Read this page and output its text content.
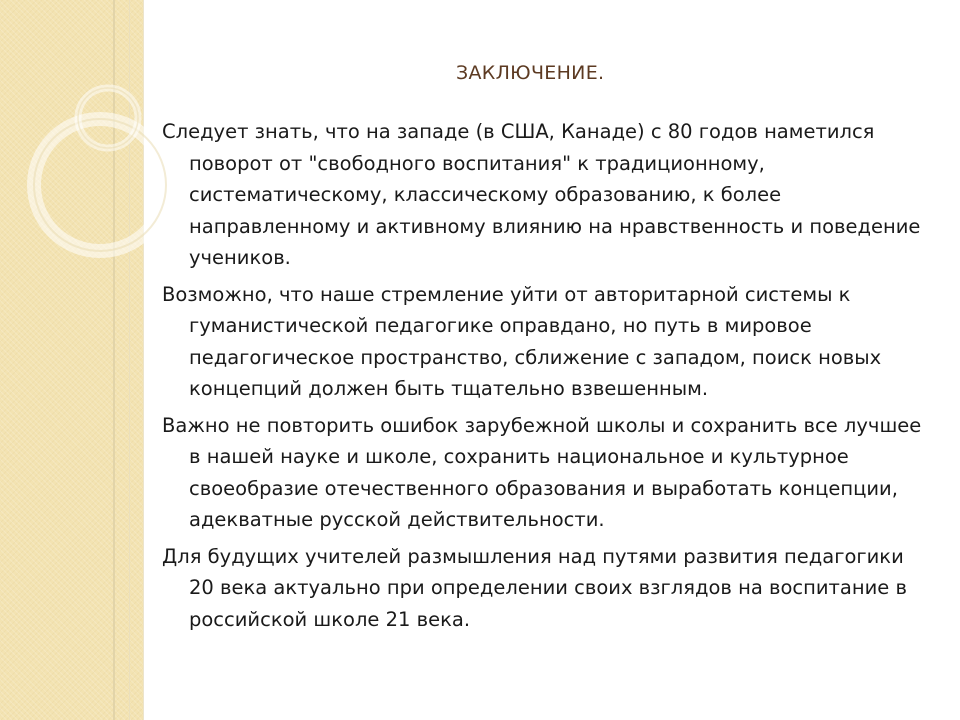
ЗАКЛЮЧЕНИЕ.

Следует знать, что на западе (в США, Канаде) с 80 годов наметился поворот от "свободного воспитания" к традиционному, систематическому, классическому образованию, к более направленному и активному влиянию на нравственность и поведение учеников.

Возможно, что наше стремление уйти от авторитарной системы к гуманистической педагогике оправдано, но путь в мировое педагогическое пространство, сближение с западом, поиск новых концепций должен быть тщательно взвешенным.

Важно не повторить ошибок зарубежной школы и сохранить все лучшее в нашей науке и школе, сохранить национальное и культурное своеобразие отечественного образования и выработать концепции, адекватные русской действительности.

Для будущих учителей размышления над путями развития педагогики 20 века актуально при определении своих взглядов на воспитание в российской школе 21 века.
